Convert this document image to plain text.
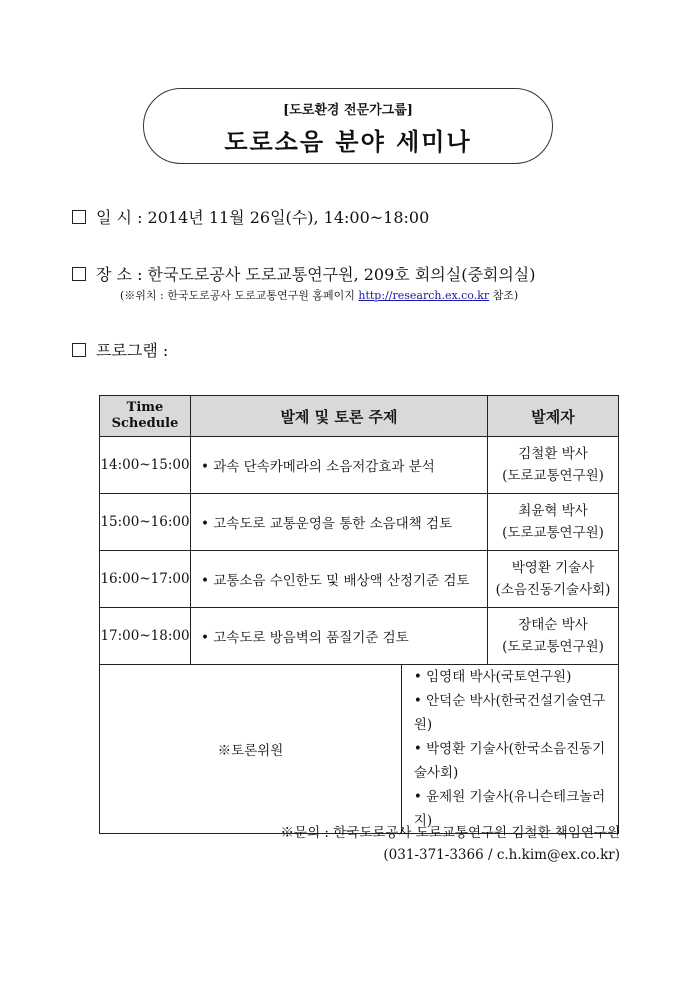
[도로환경 전문가그룹]
도로소음 분야 세미나
일 시 : 2014년 11월 26일(수), 14:00~18:00
장 소 : 한국도로공사 도로교통연구원, 209호 회의실(중회의실)
(※위치 : 한국도로공사 도로교통연구원 홈페이지 http://research.ex.co.kr 참조)
프로그램 :
Time
Schedule	발제 및 토론 주제		발제자
14:00~15:00	• 과속 단속카메라의 소음저감효과 분석		김철환 박사
(도로교통연구원)

15:00~16:00	• 고속도로 교통운영을 통한 소음대책 검토		최윤혁 박사
(도로교통연구원)

16:00~17:00	• 교통소음 수인한도 및 배상액 산정기준 검토		박영환 기술사
(소음진동기술사회)

17:00~18:00	• 고속도로 방음벽의 품질기준 검토		장태순 박사
(도로교통연구원)

※토론위원		• 임영태 박사(국토연구원)
• 안덕순 박사(한국건설기술연구원)
• 박영환 기술사(한국소음진동기술사회)
• 윤제원 기술사(유니슨테크놀러지)	
※문의 : 한국도로공사 도로교통연구원 김철환 책임연구원
(031-371-3366 / c.h.kim@ex.co.kr)
